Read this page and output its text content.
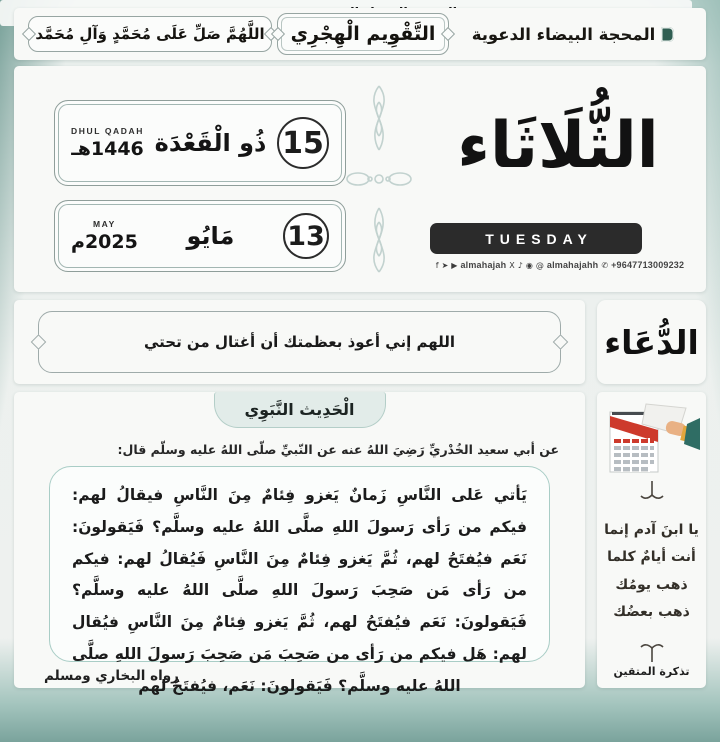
اللَّهُمَّ صَلِّ عَلَى مُحَمَّدٍ وَآلِ مُحَمَّد التَّقْوِيم الْهِجْرِي المحجة البيضاء الدعوية
15
ذُو الْقَعْدَة
DHUL QADAH
1446هـ
13
مَايُو
MAY
2025م
الثُّلَاثَاء
TUESDAY
f ➤ ▶ almahajah X ♪ ◉ @ almahajahh ✆ +9647713009232
اللهم إني أعوذ بعظمتك أن أغتال من تحتي	الدُّعَاء
الْحَدِيث النَّبَوِي
عن أبي سعيد الخُدْريِّ رَضِيَ اللهُ عنه عن النّبيِّ صلّى اللهُ عليه وسلّم قال:
يَأتي عَلى النَّاسِ زَمانٌ يَغزو فِئامٌ مِنَ النَّاسِ فيقالُ لهم: فيكم من رَأى رَسولَ اللهِ صلَّى اللهُ عليه وسلَّم؟ فَيَقولونَ: نَعَم فيُفتَحُ لهم، ثُمَّ يَغزو فِئامٌ مِنَ النَّاسِ فَيُقالُ لهم: فيكم من رَأى مَن صَحِبَ رَسولَ اللهِ صلَّى اللهُ عليه وسلَّم؟ فَيَقولونَ: نَعَم فيُفتَحُ لهم، ثُمَّ يَغزو فِئامٌ مِنَ النَّاسِ فيُقال لهم: هَل فيكم من رَأى من صَحِبَ مَن صَحِبَ رَسولَ اللهِ صلَّى اللهُ عليه وسلَّم؟ فَيَقولونَ: نَعَم، فيُفتَحُ لهم
رواه البخاري ومسلم
يا ابنَ آدم إنما أنت أيامٌ كلما ذهب يومُك ذهب بعضُك
تذكرة المتقين
